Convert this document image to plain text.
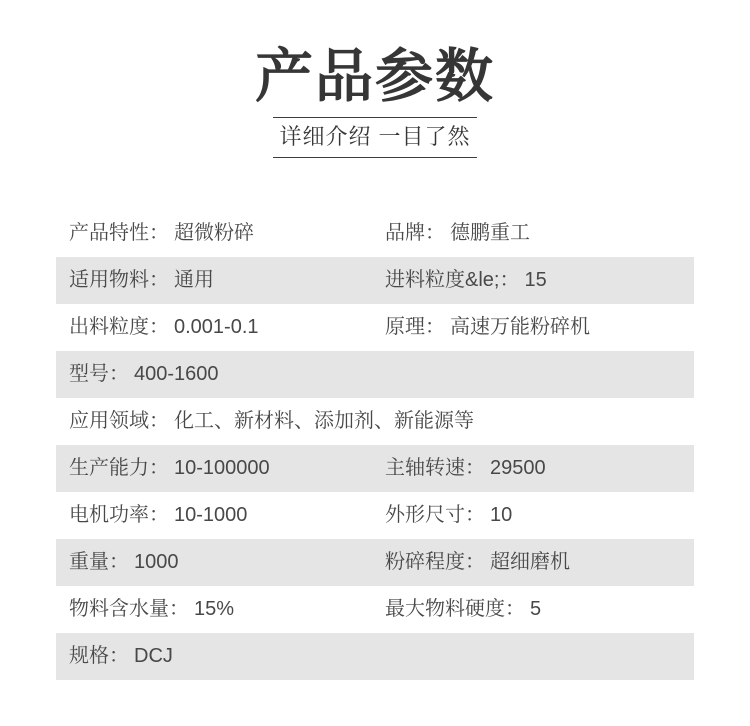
产品参数
详细介绍 一目了然
产品特性： 超微粉碎	品牌： 德鹏重工
适用物料： 通用	进料粒度&le;： 15
出料粒度： 0.001-0.1	原理： 高速万能粉碎机
型号： 400-1600
应用领域： 化工、新材料、添加剂、新能源等
生产能力： 10-100000	主轴转速： 29500
电机功率： 10-1000	外形尺寸： 10
重量： 1000	粉碎程度： 超细磨机
物料含水量： 15%	最大物料硬度： 5
规格： DCJ
